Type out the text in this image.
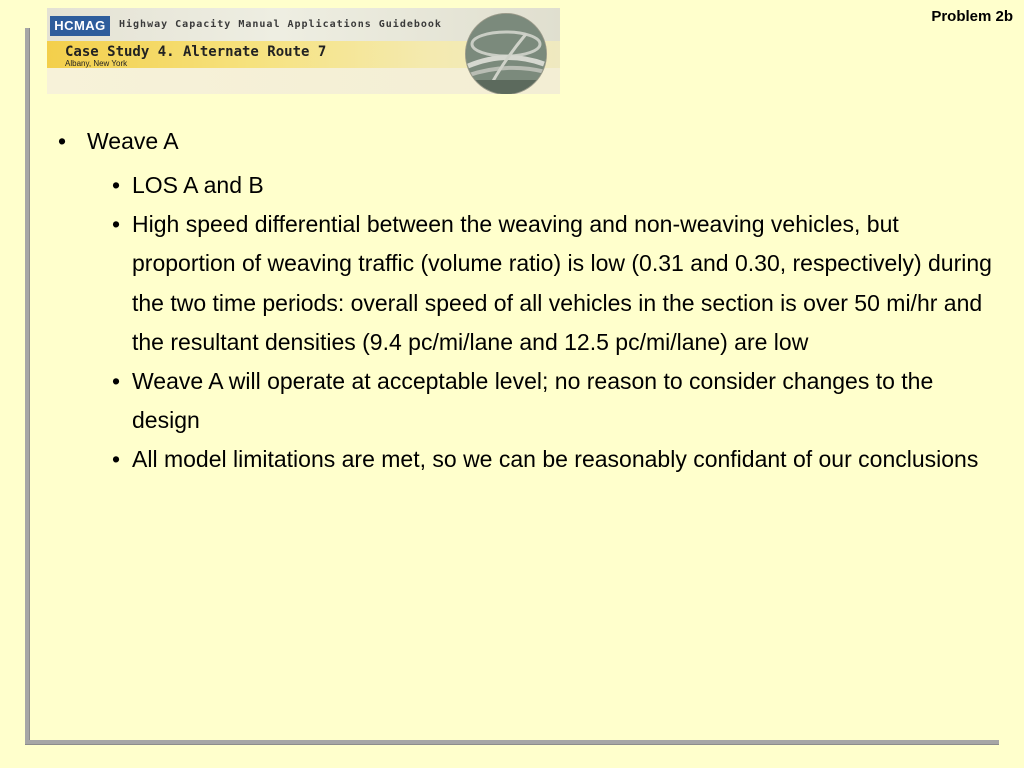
Problem 2b
HCMAG	Highway Capacity Manual Applications Guidebook
Case Study 4. Alternate Route 7
Albany, New York
• Weave A
• LOS A and B
• High speed differential between the weaving and non-weaving vehicles, but proportion of weaving traffic (volume ratio) is low (0.31 and 0.30, respectively) during the two time periods: overall speed of all vehicles in the section is over 50 mi/hr and the resultant densities (9.4 pc/mi/lane and 12.5 pc/mi/lane) are low
• Weave A will operate at acceptable level; no reason to consider changes to the design
• All model limitations are met, so we can be reasonably confidant of our conclusions
